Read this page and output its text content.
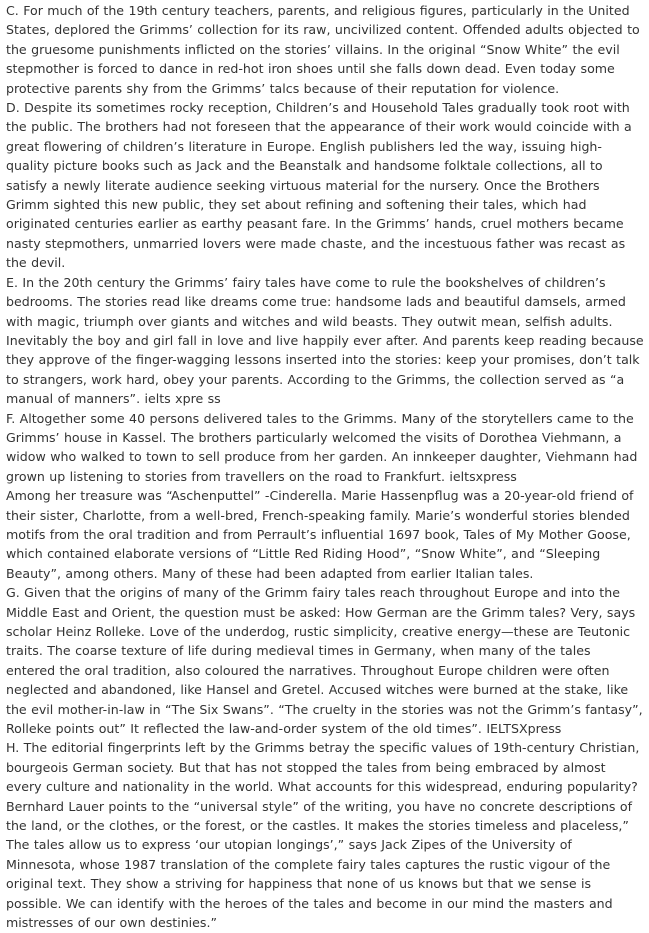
C. For much of the 19th century teachers, parents, and religious figures, particularly in the United States, deplored the Grimms’ collection for its raw, uncivilized content. Offended adults objected to the gruesome punishments inflicted on the stories’ villains. In the original “Snow White” the evil stepmother is forced to dance in red-hot iron shoes until she falls down dead. Even today some protective parents shy from the Grimms’ talcs because of their reputation for violence.

D. Despite its sometimes rocky reception, Children’s and Household Tales gradually took root with the public. The brothers had not foreseen that the appearance of their work would coincide with a great flowering of children’s literature in Europe. English publishers led the way, issuing high-quality picture books such as Jack and the Beanstalk and handsome folktale collections, all to satisfy a newly literate audience seeking virtuous material for the nursery. Once the Brothers Grimm sighted this new public, they set about refining and softening their tales, which had originated centuries earlier as earthy peasant fare. In the Grimms’ hands, cruel mothers became nasty stepmothers, unmarried lovers were made chaste, and the incestuous father was recast as the devil.

E. In the 20th century the Grimms’ fairy tales have come to rule the bookshelves of children’s bedrooms. The stories read like dreams come true: handsome lads and beautiful damsels, armed with magic, triumph over giants and witches and wild beasts. They outwit mean, selfish adults. Inevitably the boy and girl fall in love and live happily ever after. And parents keep reading because they approve of the finger-wagging lessons inserted into the stories: keep your promises, don’t talk to strangers, work hard, obey your parents. According to the Grimms, the collection served as “a manual of manners”. ielts xpre ss

F. Altogether some 40 persons delivered tales to the Grimms. Many of the storytellers came to the Grimms’ house in Kassel. The brothers particularly welcomed the visits of Dorothea Viehmann, a widow who walked to town to sell produce from her garden. An innkeeper daughter, Viehmann had grown up listening to stories from travellers on the road to Frankfurt. ieltsxpress

Among her treasure was “Aschenputtel” -Cinderella. Marie Hassenpflug was a 20-year-old friend of their sister, Charlotte, from a well-bred, French-speaking family. Marie’s wonderful stories blended motifs from the oral tradition and from Perrault’s influential 1697 book, Tales of My Mother Goose, which contained elaborate versions of “Little Red Riding Hood”, “Snow White”, and “Sleeping Beauty”, among others. Many of these had been adapted from earlier Italian tales.

G. Given that the origins of many of the Grimm fairy tales reach throughout Europe and into the Middle East and Orient, the question must be asked: How German are the Grimm tales? Very, says scholar Heinz Rolleke. Love of the underdog, rustic simplicity, creative energy—these are Teutonic traits. The coarse texture of life during medieval times in Germany, when many of the tales entered the oral tradition, also coloured the narratives. Throughout Europe children were often neglected and abandoned, like Hansel and Gretel. Accused witches were burned at the stake, like the evil mother-in-law in “The Six Swans”. “The cruelty in the stories was not the Grimm’s fantasy”, Rolleke points out” It reflected the law-and-order system of the old times”. IELTSXpress

H. The editorial fingerprints left by the Grimms betray the specific values of 19th-century Christian, bourgeois German society. But that has not stopped the tales from being embraced by almost every culture and nationality in the world. What accounts for this widespread, enduring popularity? Bernhard Lauer points to the “universal style” of the writing, you have no concrete descriptions of the land, or the clothes, or the forest, or the castles. It makes the stories timeless and placeless,” The tales allow us to express ‘our utopian longings’,” says Jack Zipes of the University of Minnesota, whose 1987 translation of the complete fairy tales captures the rustic vigour of the original text. They show a striving for happiness that none of us knows but that we sense is possible. We can identify with the heroes of the tales and become in our mind the masters and mistresses of our own destinies.”
